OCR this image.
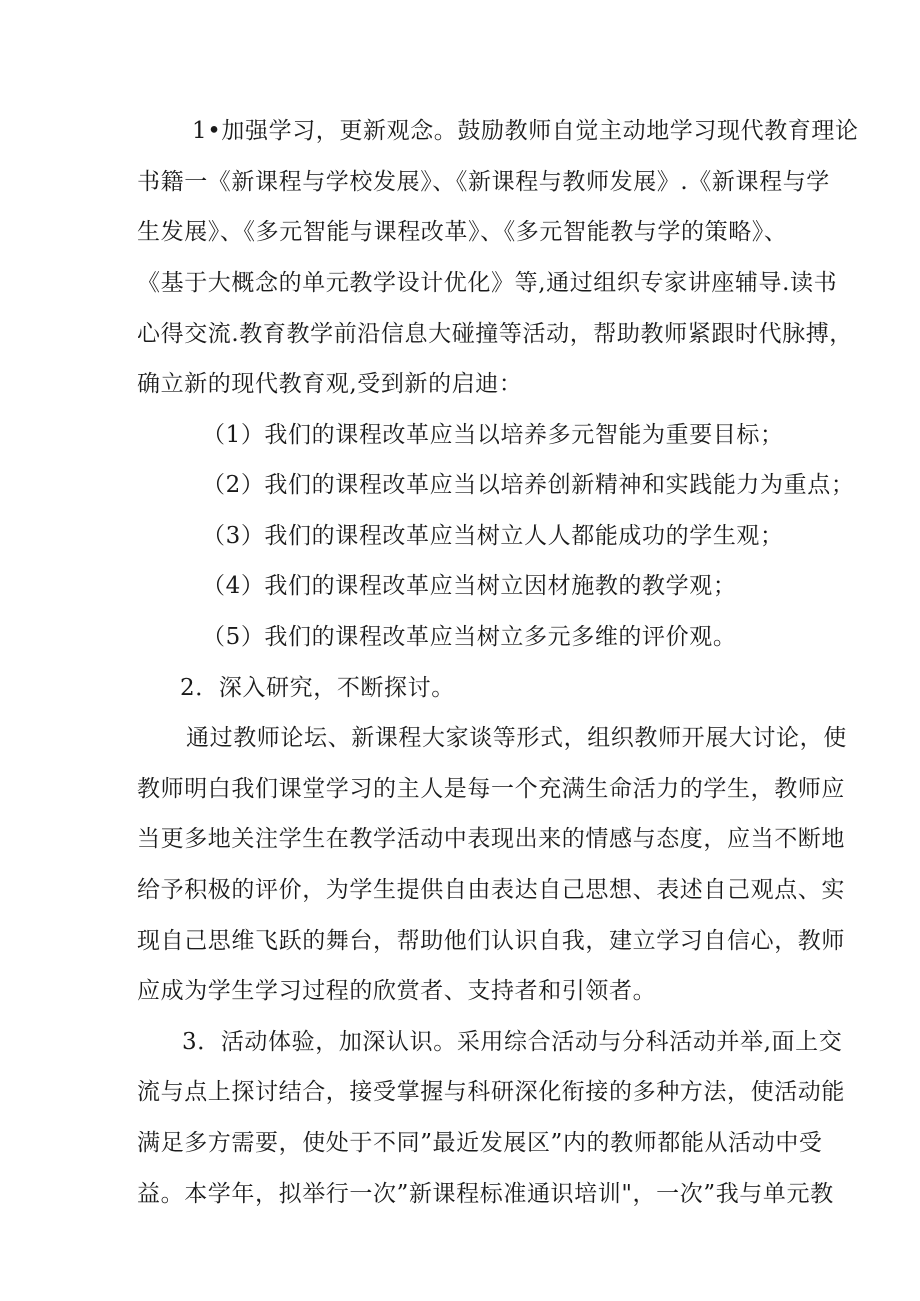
1•加强学习，更新观念。鼓励教师自觉主动地学习现代教育理论
书籍一《新课程与学校发展》、《新课程与教师发展》.《新课程与学
生发展》、《多元智能与课程改革》、《多元智能教与学的策略》、
《基于大概念的单元教学设计优化》等,通过组织专家讲座辅导.读书
心得交流.教育教学前沿信息大碰撞等活动，帮助教师紧跟时代脉搏，
确立新的现代教育观,受到新的启迪：
（1）我们的课程改革应当以培养多元智能为重要目标；
（2）我们的课程改革应当以培养创新精神和实践能力为重点；
（3）我们的课程改革应当树立人人都能成功的学生观；
（4）我们的课程改革应当树立因材施教的教学观；
（5）我们的课程改革应当树立多元多维的评价观。
2．深入研究，不断探讨。
通过教师论坛、新课程大家谈等形式，组织教师开展大讨论，使
教师明白我们课堂学习的主人是每一个充满生命活力的学生，教师应
当更多地关注学生在教学活动中表现出来的情感与态度，应当不断地
给予积极的评价，为学生提供自由表达自己思想、表述自己观点、实
现自己思维飞跃的舞台，帮助他们认识自我，建立学习自信心，教师
应成为学生学习过程的欣赏者、支持者和引领者。
3．活动体验，加深认识。采用综合活动与分科活动并举,面上交
流与点上探讨结合，接受掌握与科研深化衔接的多种方法，使活动能
满足多方需要，使处于不同”最近发展区”内的教师都能从活动中受
益。本学年，拟举行一次”新课程标准通识培训"，一次”我与单元教
